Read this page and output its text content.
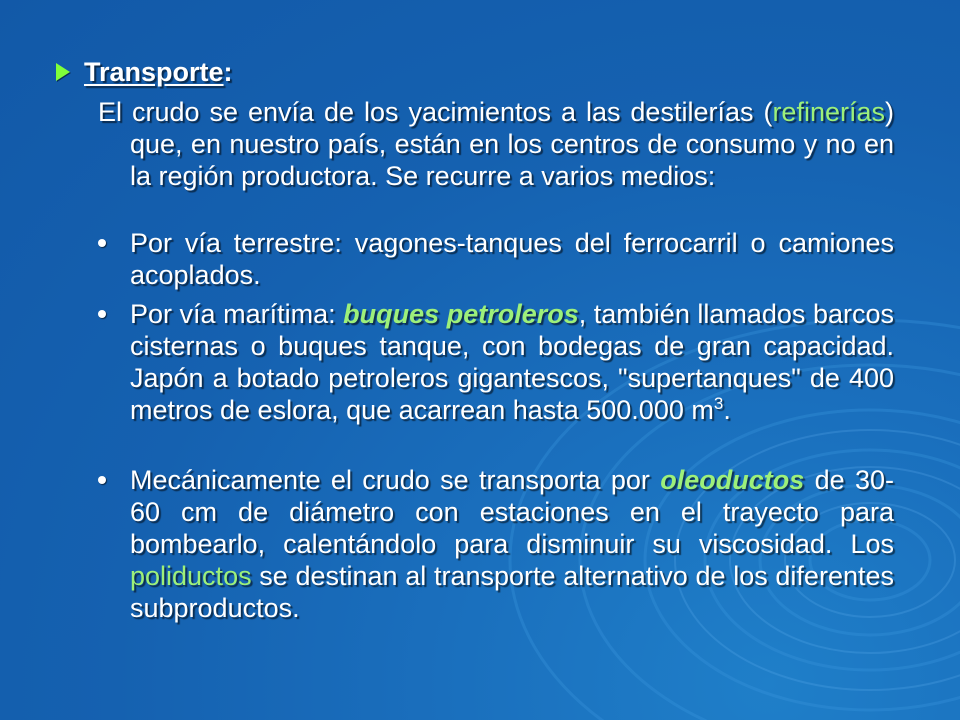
Transporte :
El crudo se envía de los yacimientos a las destilerías (refinerías) que, en nuestro país, están en los centros de consumo y no en la región productora. Se recurre a varios medios:
Por vía terrestre: vagones-tanques del ferrocarril o camiones acoplados.
Por vía marítima: buques petroleros, también llamados barcos cisternas o buques tanque, con bodegas de gran capacidad. Japón a botado petroleros gigantescos, "supertanques" de 400 metros de eslora, que acarrean hasta 500.000 $m^3$.
Mecánicamente el crudo se transporta por oleoductos de 30-60 cm de diámetro con estaciones en el trayecto para bombearlo, calentándolo para disminuir su viscosidad. Los poliductos se destinan al transporte alternativo de los diferentes subproductos.
